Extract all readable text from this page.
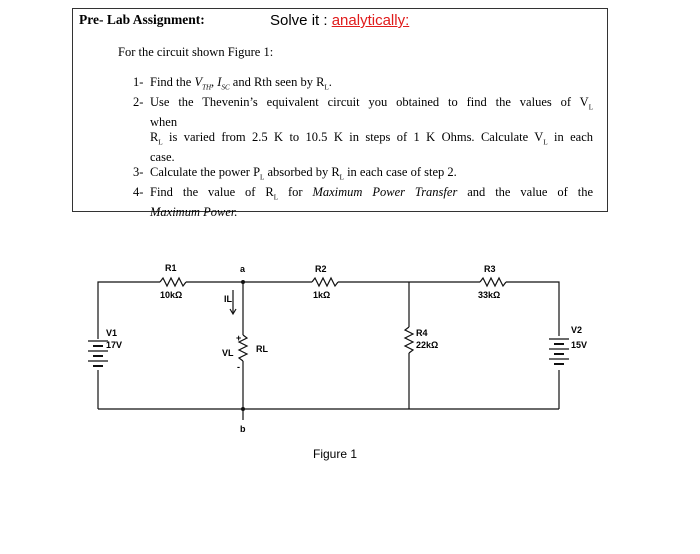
Pre- Lab Assignment:	Solve it : analytically:
For the circuit shown Figure 1:
1- Find the $V_{TH}$, $I_{SC}$ and Rth seen by $R_L$.
2- Use the Thevenin’s equivalent circuit you obtained to find the values of $V_L$
when
$R_L$ is varied from 2.5 K to 10.5 K in steps of 1 K Ohms. Calculate $V_L$ in each
case.
3- Calculate the power $P_L$ absorbed by $R_L$ in each case of step 2.
4- Find the value of $R_L$ for Maximum Power Transfer and the value of the
Maximum Power.
R1
10kΩ
a	R2
1kΩ
R3
33kΩ
IL
+
VL
-
RL
b
R4
22kΩ
V1
17V
V2
15V
Figure 1
